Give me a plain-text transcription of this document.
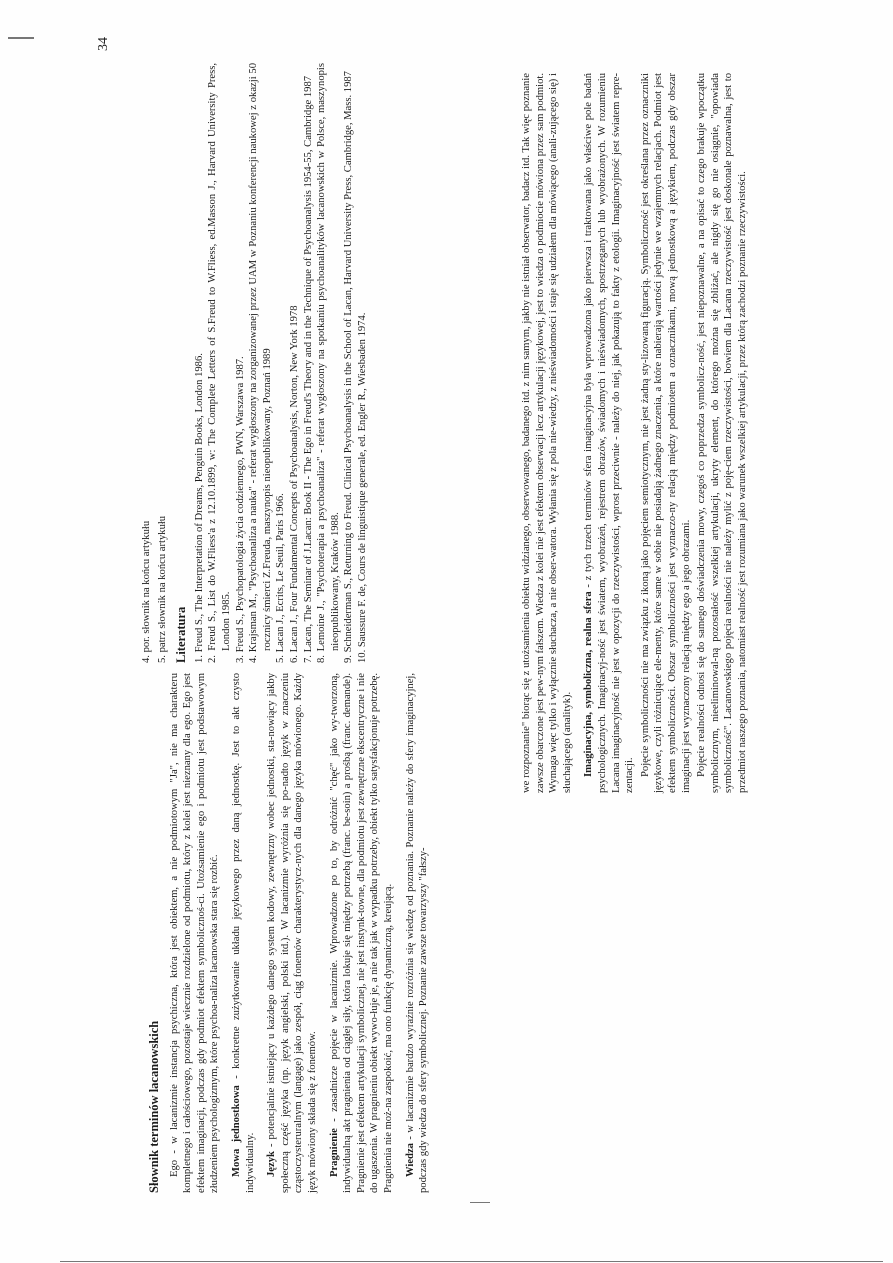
34

4. por. słownik na końcu artykułu 5. patrz słownik na końcu artykułu Literatura 1. Freud S., The Interpretation of Dreams, Penguin Books, London 1986. 2. Freud S., List do W.Fliess'a z 12.10.1899, w: The Complete Letters of S.Freud to W.Fliess, ed.Masson J., Harvard University Press, London 1985. 3. Freud S., Psychopatologia życia codziennego, PWN, Warszawa 1987. 4. Krajsman M., "Psychoanaliza a nauka" - referat wygłoszony na zorganizowanej przez UAM w Poznaniu konferencji naukowej z okazji 50 rocznicy śmierci Z.Freuda, maszynopis nieopublikowany, Poznań 1989 5. Lacan J., Ecrits, Le Seuil, Paris 1966. 6. Lacan J., Four Fundamental Concepts of Psychoanalysis, Norton, New York 1978 7. Lacan, The Seminar of J.Lacan: Book II - The Ego in Freud's Theory and in the Technique of Psychoanalysis 1954-55, Cambridge 1987 8. Lemoine J., "Psychoterapia a psychoanaliza" - referat wygłoszony na spotkaniu psychoanalityków lacanowskich w Polsce, maszynopis nieopublikowany, Kraków 1988. 9. Schneiderman S., Returning to Freud. Clinical Psychoanalysis in the School of Lacan, Harvard University Press, Cambridge, Mass. 1987 10. Saussure F. de, Cours de linguistique generale, ed. Engler R., Wiesbaden 1974.
Słownik terminów lacanowskich Ego - w lacanizmie instancja psychiczna, która jest obiektem, a nie podmiotowym "Ja", nie ma charakteru kompletnego i całościowego, pozostaje wiecznie rozdzielone od podmiotu, który z kolei jest nieznany dla ego. Ego jest efektem imaginacji, podczas gdy podmiot efektem symbolicznoś-ci. Utożsamienie ego i podmiotu jest podstawowym złudzeniem psychologizmym, które psychoa-naliza lacanowska stara się rozbić. Mowa jednostkowa - konkretne zużytkowanie układu językowego przez daną jednostkę. Jest to akt czysto indywidualny. Język - potencjalnie istniejący u każdego danego system kodowy, zewnętrzny wobec jednostki, sta-nowiący jakby społeczną część języka (np. język angielski, polski itd.). W lacanizmie wyróżnia się po-nadto język w znaczeniu cząstoczysteruralnym (langage) jako zespół, ciąg fonemów charakterystycz-nych dla danego języka mówionego. Każdy język mówiony składa się z fonemów. Pragnienie - zasadnicze pojęcie w lacanizmie. Wprowadzone po to, by odróżnić "chęć" jako wy-tworzoną, indywidualną akt pragnienia od ciągłej siły, która lokuje się między potrzebą (franc. be-soin) a prośbą (franc. demande). Pragnienie jest efektem artykulacji symbolicznej, nie jest instynk-towne, dla podmiotu jest zewnętrzne ekscentryczne i nie do ugaszenia. W pragnieniu obiekt wywo-łuje je, a nie tak jak w wypadku potrzeby, obiekt tylko satysfakcjonuje potrzebę. Pragnienia nie moż-na zaspokoić, ma ono funkcję dynamiczną, kreującą. Wiedza - w lacanizmie bardzo wyraźnie rozróżnia się wiedzę od poznania. Poznanie należy do sfery imaginacyjnej, podczas gdy wiedza do sfery symbolicznej. Poznanie zawsze towarzyszy "fałszy-

we rozpoznanie" biorąc się z utożsamienia obiektu widzianego, obserwowanego, badanego itd. z nim samym, jakby nie istniał obserwator, badacz itd. Tak więc poznanie zawsze obarczone jest pew-nym fałszem. Wiedza z kolei nie jest efektem obserwacji lecz artykulacji językowej, jest to wiedza o podmiocie mówiona przez sam podmiot. Wymaga więc tylko i wyłącznie słuchacza, a nie obser-watora. Wyłania się z pola nie-wiedzy, z nieświadomości i staje się udziałem dla mówiącego (anali-zującego się) i słuchającego (analityk). Imaginacyjna, symboliczna, realna sfera - z tych trzech terminów sfera imaginacyjna była wprowadzona jako pierwsza i traktowana jako właściwe pole badań psychologicznych. Imaginacyj-ność jest światem, wyobrażeń, rejestrem obrazów, świadomych i nieświadomych, spostrzeganych lub wyobrażonych. W rozumieniu Lacana imaginacyjność nie jest w opozycji do rzeczywistości, wprost przeciwnie - należy do niej, jak pokazują to fakty z etologii. Imaginacyjność jest światem repre-zentacji. Pojęcie symboliczności nie ma związku z ikoną jako pojęciem semiotycznym, nie jest żadną sty-lizowaną figuracją. Symboliczność jest określana przez oznaczniki językowe, czyli różnicujące ele-menty, które same w sobie nie posiadają żadnego znaczenia, a które nabierają wartości jedynie we wzajemnych relacjach. Podmiot jest efektem symboliczności. Obszar symboliczności jest wyznaczo-ny relacją między podmiotem a oznacznikami, mową jednostkową a językiem, podczas gdy obszar imaginacji jest wyznaczony relacją między ego a jego obrazami. Pojęcie realności odnosi się do samego doświadczenia mowy, czegoś co poprzedza symbolicz-ność, jest niepoznawalne, a na opisać to czego brakuje wpoczątku symbolicznym, nieeliminowal-ną pozostałość wszelkiej artykulacji, ukryty element, do którego można się zbliżać, ale nigdy się go nie osiągnie, "opowiada symboliczność". Lacanowskiego pojęcia realności nie należy mylić z poję-ciem rzeczywistości, bowiem dla Lacana rzeczywistość jest doskonale poznawalna, jest to przedmiot naszego poznania, natomiast realność jest rozumiana jako warunek wszelkiej artykulacji, przez którą zachodzi poznanie rzeczywistości.
